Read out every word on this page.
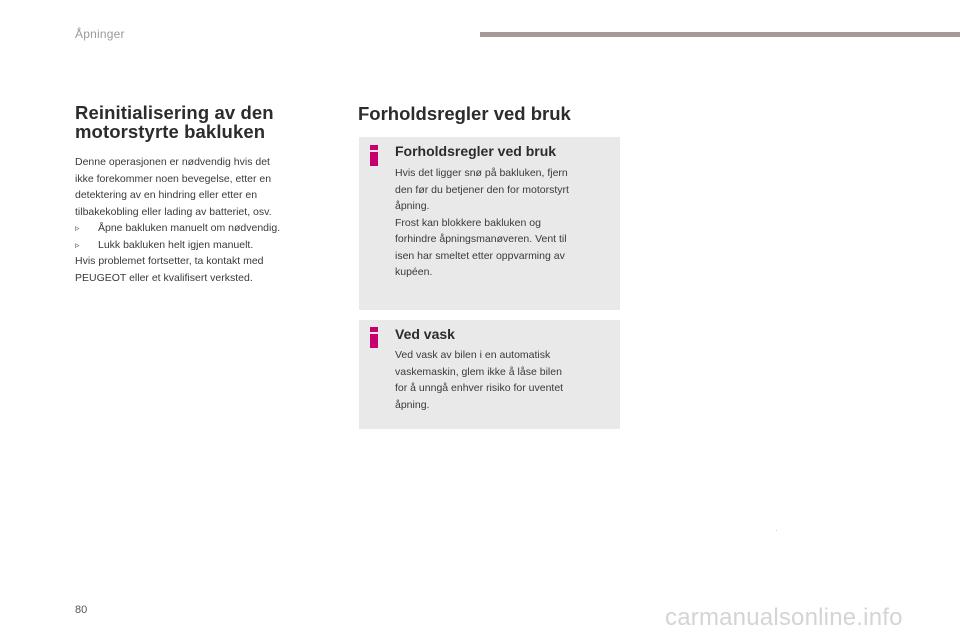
Åpninger
Reinitialisering av den
motorstyrte bakluken
Denne operasjonen er nødvendig hvis det
ikke forekommer noen bevegelse, etter en
detektering av en hindring eller etter en
tilbakekobling eller lading av batteriet, osv.
▹ Åpne bakluken manuelt om nødvendig.
▹ Lukk bakluken helt igjen manuelt.
Hvis problemet fortsetter, ta kontakt med
PEUGEOT eller et kvalifisert verksted.
Forholdsregler ved bruk
Forholdsregler ved bruk
Hvis det ligger snø på bakluken, fjern
den før du betjener den for motorstyrt
åpning.
Frost kan blokkere bakluken og
forhindre åpningsmanøveren. Vent til
isen har smeltet etter oppvarming av
kupéen.
Ved vask
Ved vask av bilen i en automatisk
vaskemaskin, glem ikke å låse bilen
for å unngå enhver risiko for uventet
åpning.
80	carmanualsonline.info
